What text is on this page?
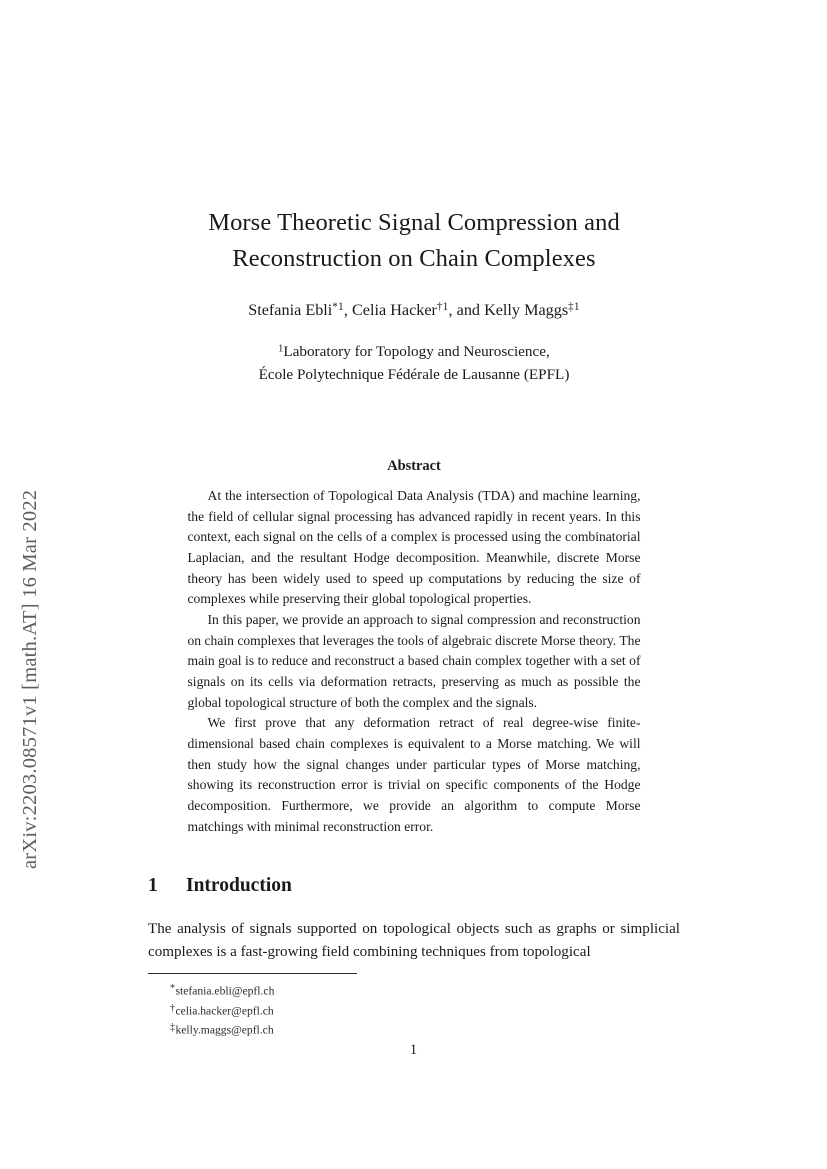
arXiv:2203.08571v1 [math.AT] 16 Mar 2022
Morse Theoretic Signal Compression and
Reconstruction on Chain Complexes

Stefania Ebli$^{*1}$, Celia Hacker$^{\dagger 1}$, and Kelly Maggs$^{\ddagger 1}$

$^1$Laboratory for Topology and Neuroscience,
École Polytechnique Fédérale de Lausanne (EPFL)

Abstract

At the intersection of Topological Data Analysis (TDA) and machine learning, the field of cellular signal processing has advanced rapidly in recent years. In this context, each signal on the cells of a complex is processed using the combinatorial Laplacian, and the resultant Hodge decomposition. Meanwhile, discrete Morse theory has been widely used to speed up computations by reducing the size of complexes while preserving their global topological properties.

In this paper, we provide an approach to signal compression and reconstruction on chain complexes that leverages the tools of algebraic discrete Morse theory. The main goal is to reduce and reconstruct a based chain complex together with a set of signals on its cells via deformation retracts, preserving as much as possible the global topological structure of both the complex and the signals.

We first prove that any deformation retract of real degree-wise finite-dimensional based chain complexes is equivalent to a Morse matching. We will then study how the signal changes under particular types of Morse matching, showing its reconstruction error is trivial on specific components of the Hodge decomposition. Furthermore, we provide an algorithm to compute Morse matchings with minimal reconstruction error.

1 Introduction

The analysis of signals supported on topological objects such as graphs or simplicial complexes is a fast-growing field combining techniques from topological

*stefania.ebli@epfl.ch

†celia.hacker@epfl.ch

‡kelly.maggs@epfl.ch

1
